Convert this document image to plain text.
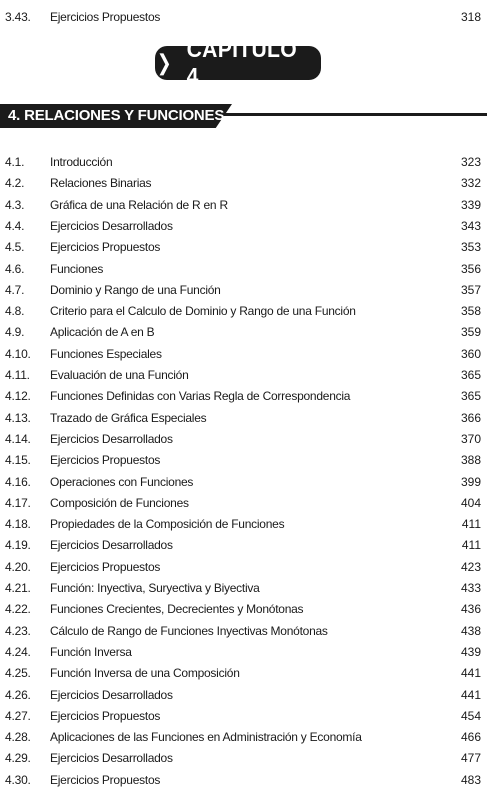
3.43. Ejercicios Propuestos	318
❯
CAPITULO 4
4. RELACIONES Y FUNCIONES
4.1. Introducción	323
4.2. Relaciones Binarias	332
4.3. Gráfica de una Relación de R en R	339
4.4. Ejercicios Desarrollados	343
4.5. Ejercicios Propuestos	353
4.6. Funciones	356
4.7. Dominio y Rango de una Función	357
4.8. Criterio para el Calculo de Dominio y Rango de una Función	358
4.9. Aplicación de A en B	359
4.10. Funciones Especiales	360
4.11. Evaluación de una Función	365
4.12. Funciones Definidas con Varias Regla de Correspondencia	365
4.13. Trazado de Gráfica Especiales	366
4.14. Ejercicios Desarrollados	370
4.15. Ejercicios Propuestos	388
4.16. Operaciones con Funciones	399
4.17. Composición de Funciones	404
4.18. Propiedades de la Composición de Funciones	411
4.19. Ejercicios Desarrollados	411
4.20. Ejercicios Propuestos	423
4.21. Función: Inyectiva, Suryectiva y Biyectiva	433
4.22. Funciones Crecientes, Decrecientes y Monótonas	436
4.23. Cálculo de Rango de Funciones Inyectivas Monótonas	438
4.24. Función Inversa	439
4.25. Función Inversa de una Composición	441
4.26. Ejercicios Desarrollados	441
4.27. Ejercicios Propuestos	454
4.28. Aplicaciones de las Funciones en Administración y Economía	466
4.29. Ejercicios Desarrollados	477
4.30. Ejercicios Propuestos	483
